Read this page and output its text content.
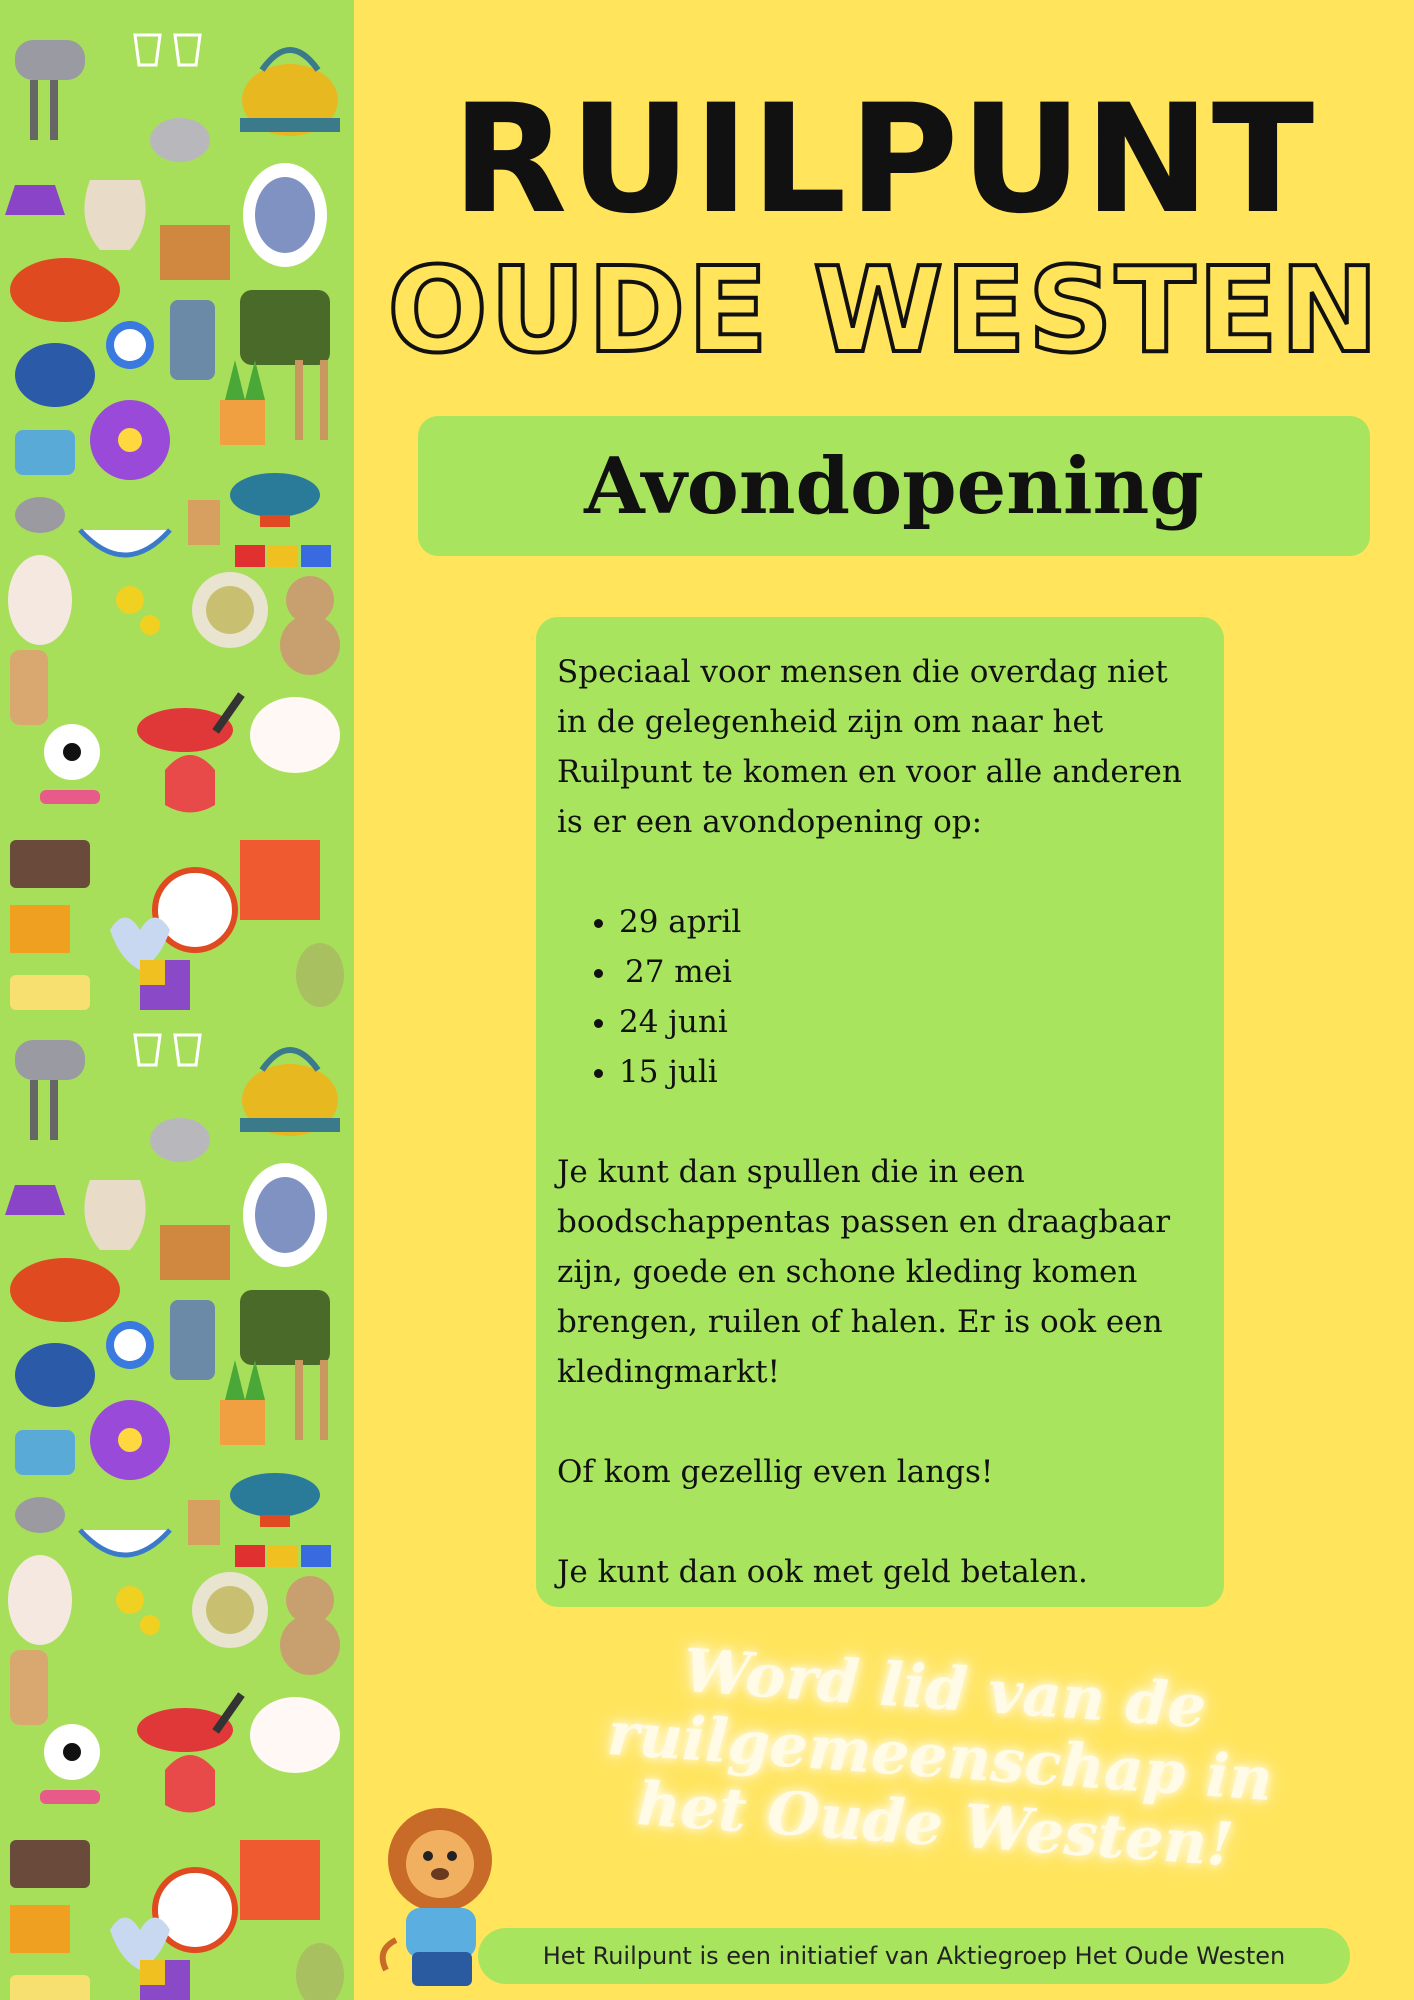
RUILPUNT
OUDE WESTEN
Avondopening

Speciaal voor mensen die overdag niet in de gelegenheid zijn om naar het Ruilpunt te komen en voor alle anderen is er een avondopening op:

• 29 april
• 27 mei
• 24 juni
• 15 juli

Je kunt dan spullen die in een boodschappentas passen en draagbaar zijn, goede en schone kleding komen brengen, ruilen of halen. Er is ook een kledingmarkt!

Of kom gezellig even langs!

Je kunt dan ook met geld betalen.

Word lid van de ruilgemeenschap in het Oude Westen!
Het Ruilpunt is een initiatief van Aktiegroep Het Oude Westen
